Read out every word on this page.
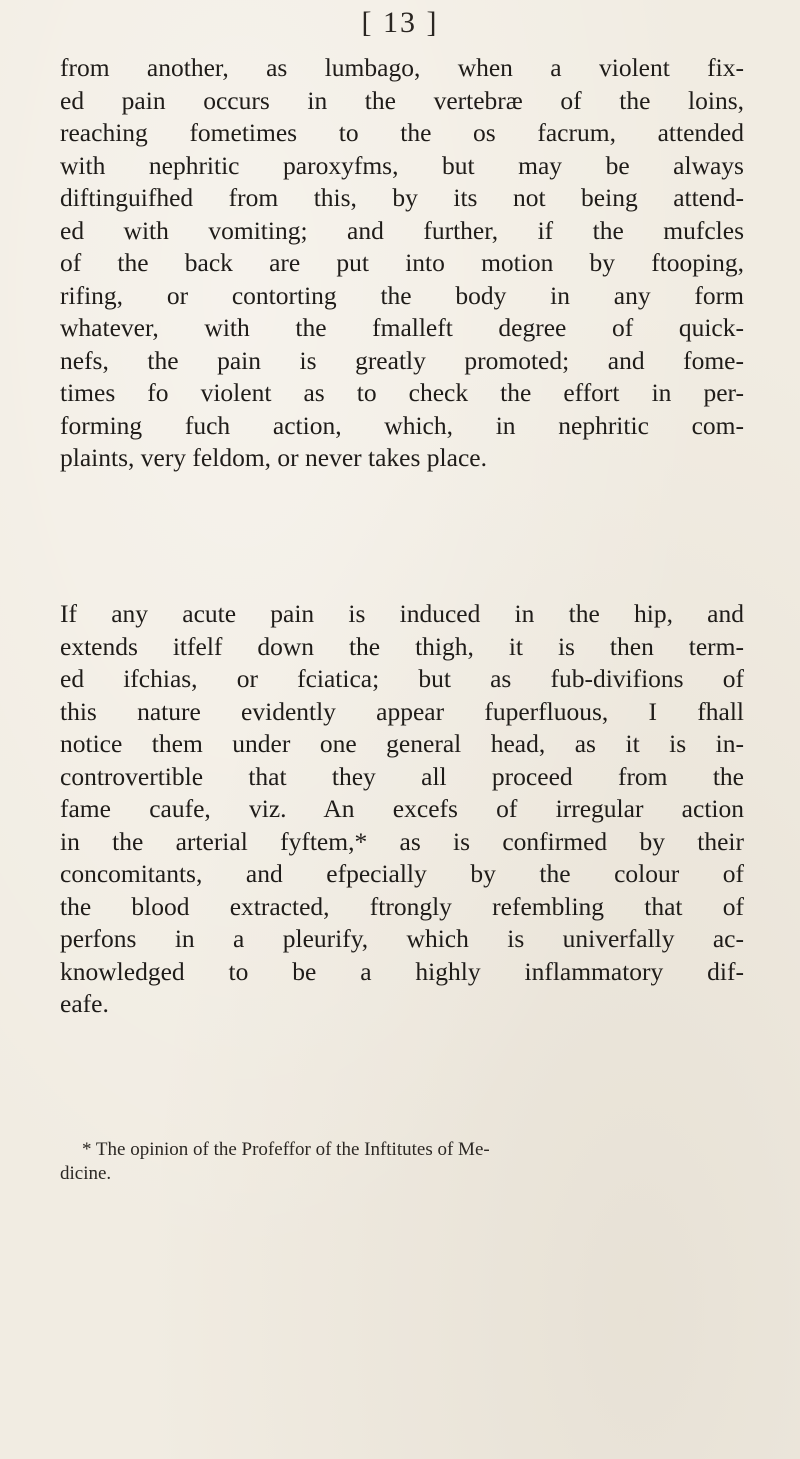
[ 13 ]
from another, as lumbago, when a violent fix-
ed pain occurs in the vertebræ of the loins,
reaching fometimes to the os facrum, attended
with nephritic paroxyfms, but may be always
diftinguifhed from this, by its not being attend-
ed with vomiting; and further, if the mufcles
of the back are put into motion by ftooping,
rifing, or contorting the body in any form
whatever, with the fmalleft degree of quick-
nefs, the pain is greatly promoted; and fome-
times fo violent as to check the effort in per-
forming fuch action, which, in nephritic com-
plaints, very feldom, or never takes place.
If any acute pain is induced in the hip, and
extends itfelf down the thigh, it is then term-
ed ifchias, or fciatica; but as fub-divifions of
this nature evidently appear fuperfluous, I fhall
notice them under one general head, as it is in-
controvertible that they all proceed from the
fame caufe, viz. An excefs of irregular action
in the arterial fyftem,* as is confirmed by their
concomitants, and efpecially by the colour of
the blood extracted, ftrongly refembling that of
perfons in a pleurify, which is univerfally ac-
knowledged to be a highly inflammatory dif-
eafe.
* The opinion of the Profeffor of the Inftitutes of Me-
dicine.
